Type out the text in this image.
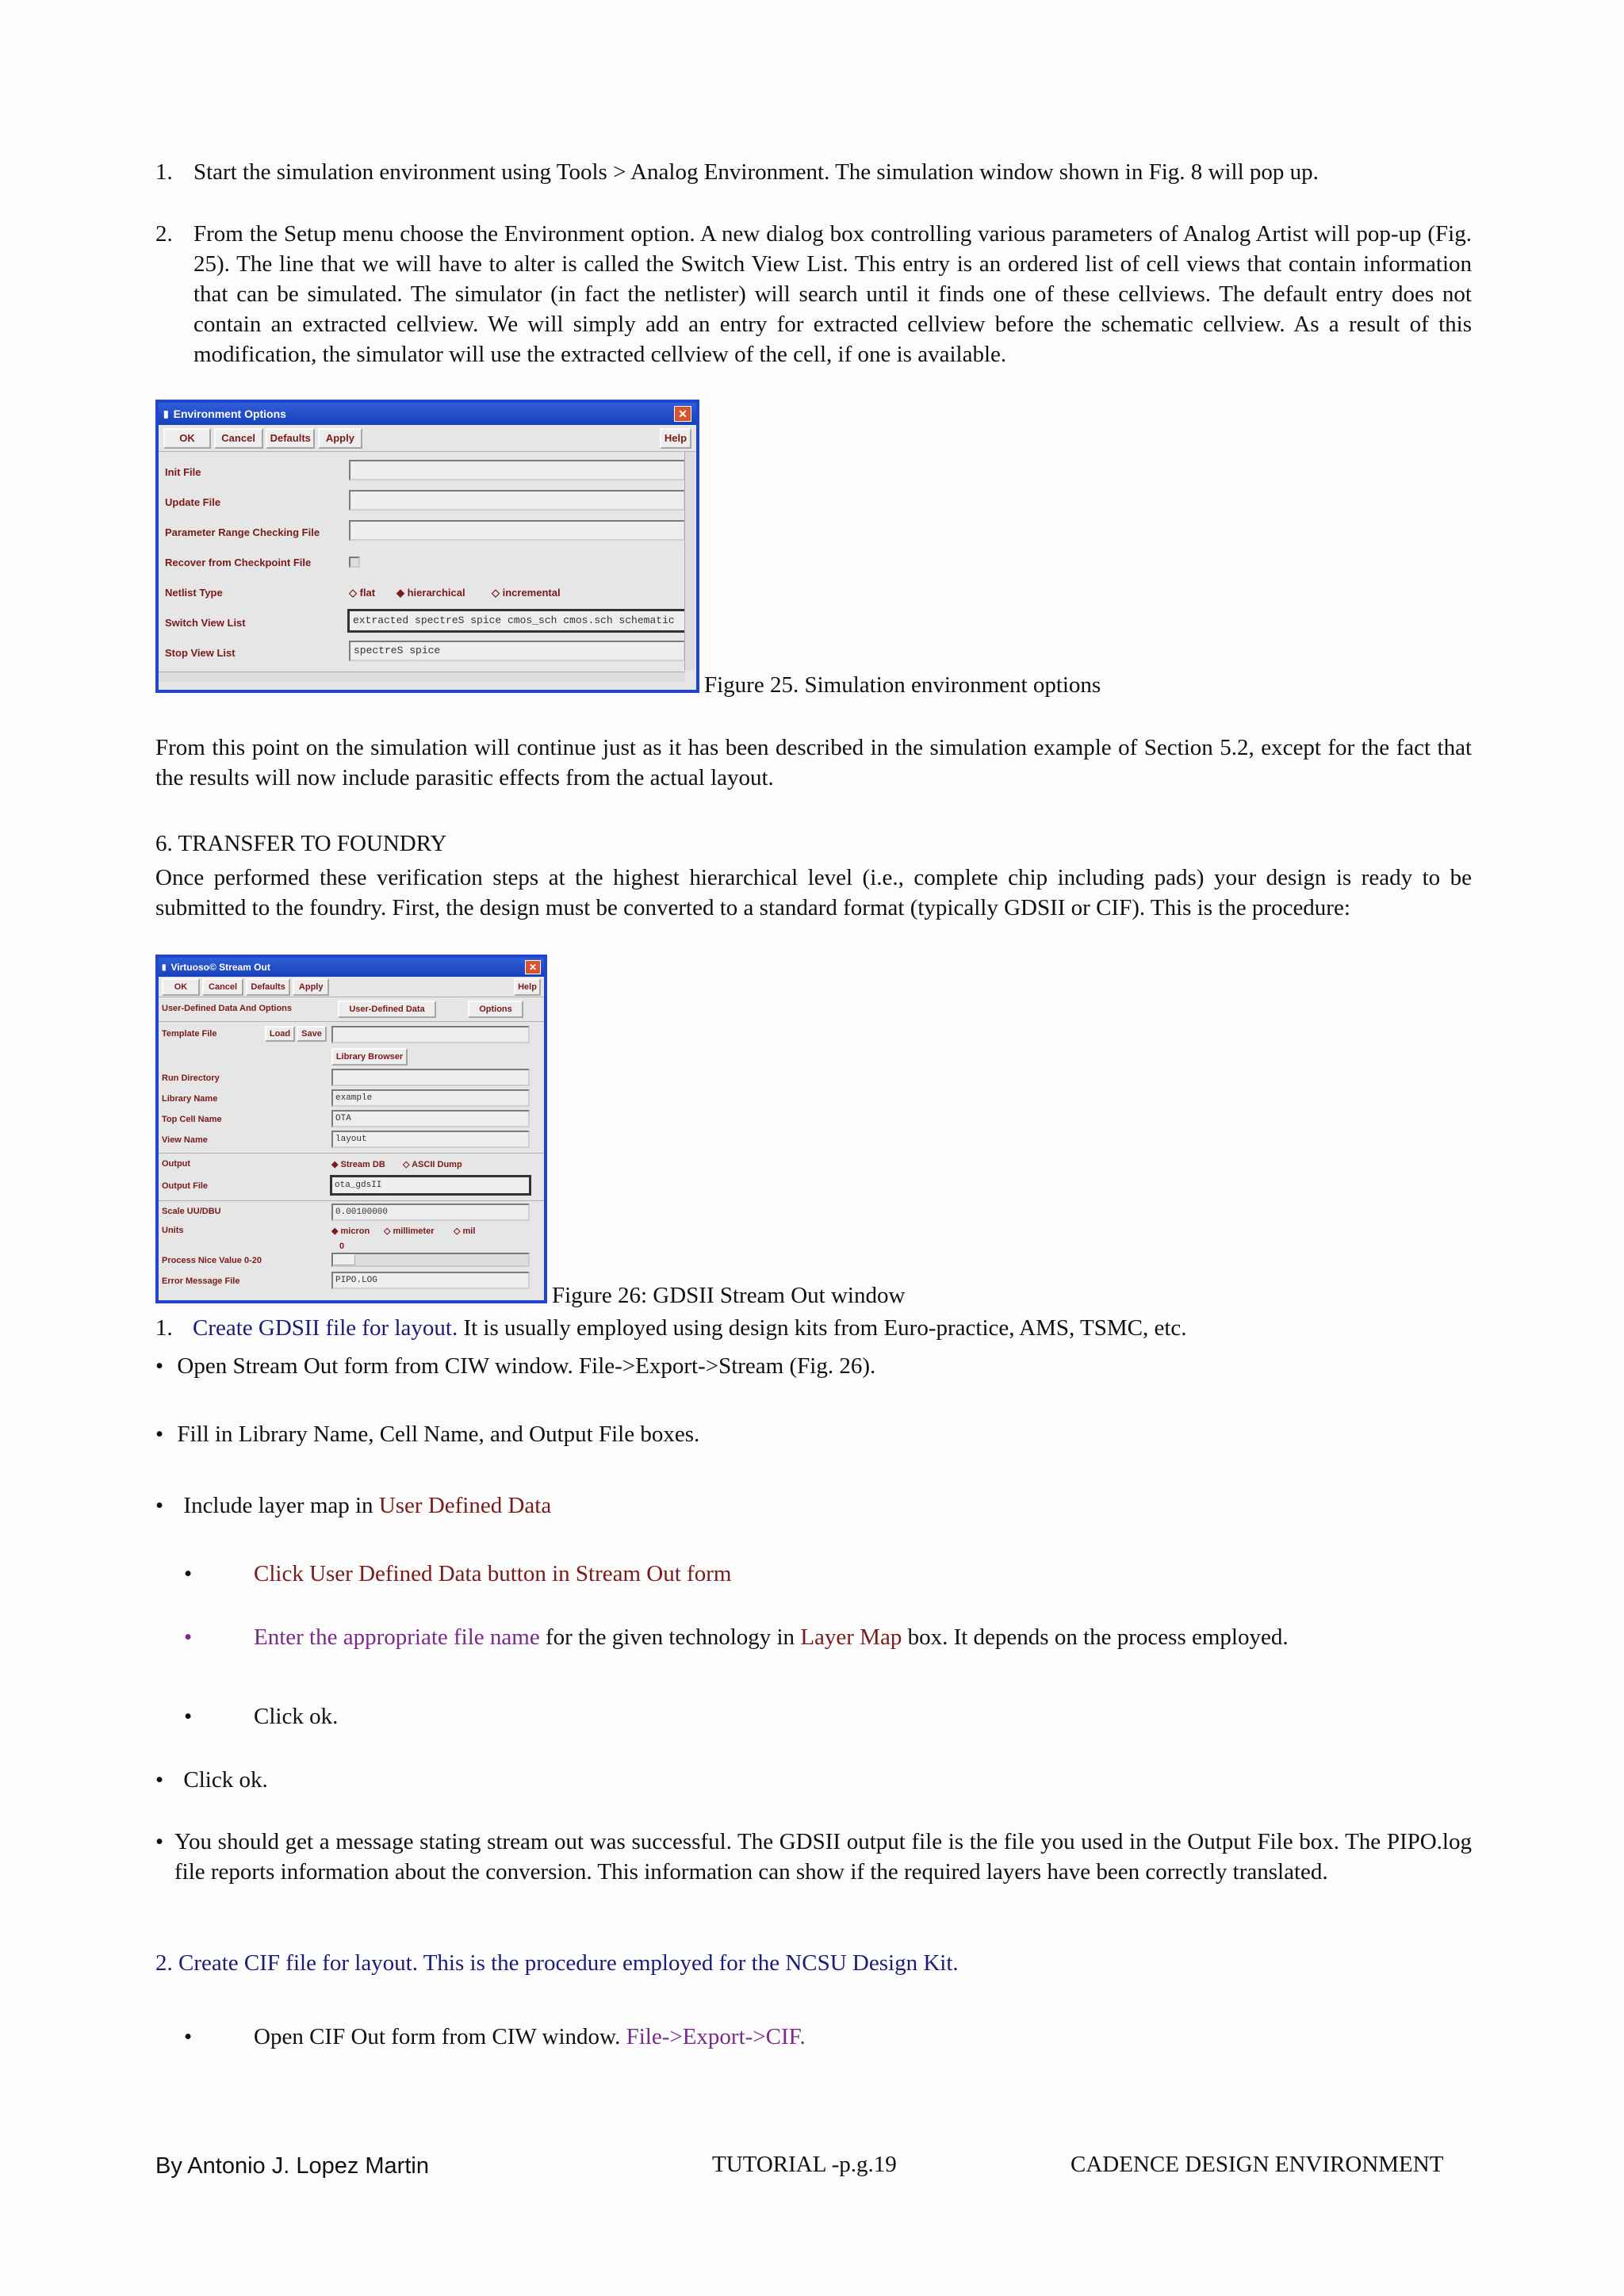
1. Start the simulation environment using Tools > Analog Environment. The simulation window shown in Fig. 8 will pop up.
2. From the Setup menu choose the Environment option. A new dialog box controlling various parameters of Analog Artist will pop-up (Fig. 25). The line that we will have to alter is called the Switch View List. This entry is an ordered list of cell views that contain information that can be simulated. The simulator (in fact the netlister) will search until it finds one of these cellviews. The default entry does not contain an extracted cellview. We will simply add an entry for extracted cellview before the schematic cellview. As a result of this modification, the simulator will use the extracted cellview of the cell, if one is available.
▮ Environment Options	✕
OK	Cancel Defaults Apply	Help
Init File
Update File
Parameter Range Checking File
Recover from Checkpoint File
Netlist Type	◇ flat ◆ hierarchical	◇ incremental
Switch View List	extracted spectreS spice cmos_sch cmos.sch schematic
Stop View List	spectreS spice
Figure 25. Simulation environment options
From this point on the simulation will continue just as it has been described in the simulation example of Section 5.2, except for the fact that the results will now include parasitic effects from the actual layout.
6. TRANSFER TO FOUNDRY
Once performed these verification steps at the highest hierarchical level (i.e., complete chip including pads) your design is ready to be submitted to the foundry. First, the design must be converted to a standard format (typically GDSII or CIF). This is the procedure:
▮ Virtuoso© Stream Out	✕
OK Cancel Defaults Apply	Help
User-Defined Data And Options	User-Defined Data	Options
Template File	Load	Save
Library Browser
Run Directory
Library Name	example
Top Cell Name	OTA
View Name	layout
Output	◆ Stream DB ◇ ASCII Dump
Output File	ota_gdsII
Scale UU/DBU	0.00100000
Units	◆ micron ◇ millimeter ◇ mil
0
Process Nice Value 0-20
Error Message File	PIPO.LOG
Figure 26: GDSII Stream Out window
1. Create GDSII file for layout. It is usually employed using design kits from Euro-practice, AMS, TSMC, etc.
• Open Stream Out form from CIW window. File->Export->Stream (Fig. 26).
• Fill in Library Name, Cell Name, and Output File boxes.
• Include layer map in User Defined Data
•	Click User Defined Data button in Stream Out form
•	Enter the appropriate file name for the given technology in Layer Map box. It depends on the process employed.
•	Click ok.
• Click ok.
• You should get a message stating stream out was successful. The GDSII output file is the file you used in the Output File box. The PIPO.log file reports information about the conversion. This information can show if the required layers have been correctly translated.
2. Create CIF file for layout. This is the procedure employed for the NCSU Design Kit.
•	Open CIF Out form from CIW window. File->Export->CIF.
By Antonio J. Lopez Martin	TUTORIAL -p.g.19	CADENCE DESIGN ENVIRONMENT
